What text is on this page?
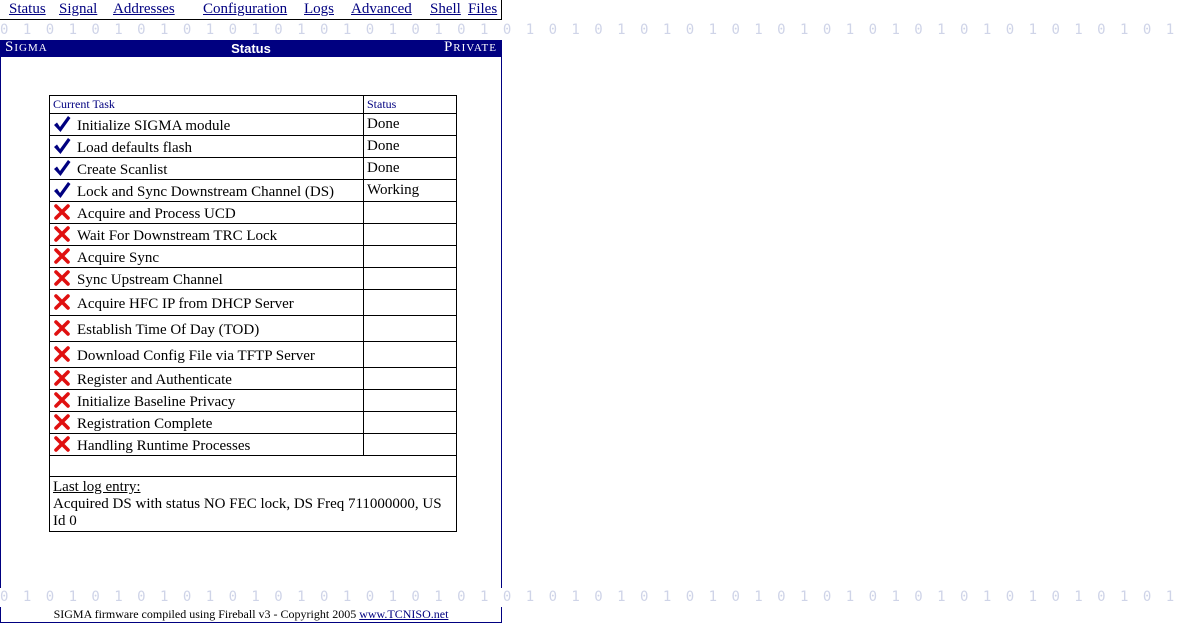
Status Signal Addresses Configuration Logs Advanced Shell Files
0 1 0 1 0 1 0 1 0 1 0 1 0 1 0 1 0 1 0 1 0 1 0 1 0 1 0 1 0 1 0 1 0 1 0 1 0 1 0 1 0 1 0 1 0 1 0 1 0 1 0 1
Sigma	Status	Private
Current Task	Status
Initialize SIGMA module	Done
Load defaults flash	Done
Create Scanlist	Done
Lock and Sync Downstream Channel (DS)	Working
Acquire and Process UCD	
Wait For Downstream TRC Lock	
Acquire Sync	
Sync Upstream Channel	
Acquire HFC IP from DHCP Server	
Establish Time Of Day (TOD)	
Download Config File via TFTP Server	
Register and Authenticate	
Initialize Baseline Privacy	
Registration Complete	
Handling Runtime Processes	

Last log entry:
Acquired DS with status NO FEC lock, DS Freq 711000000, US Id 0	
0 1 0 1 0 1 0 1 0 1 0 1 0 1 0 1 0 1 0 1 0 1 0 1 0 1 0 1 0 1 0 1 0 1 0 1 0 1 0 1 0 1 0 1 0 1 0 1 0 1 0 1
SIGMA firmware compiled using Fireball v3 - Copyright 2005 www.TCNISO.net
